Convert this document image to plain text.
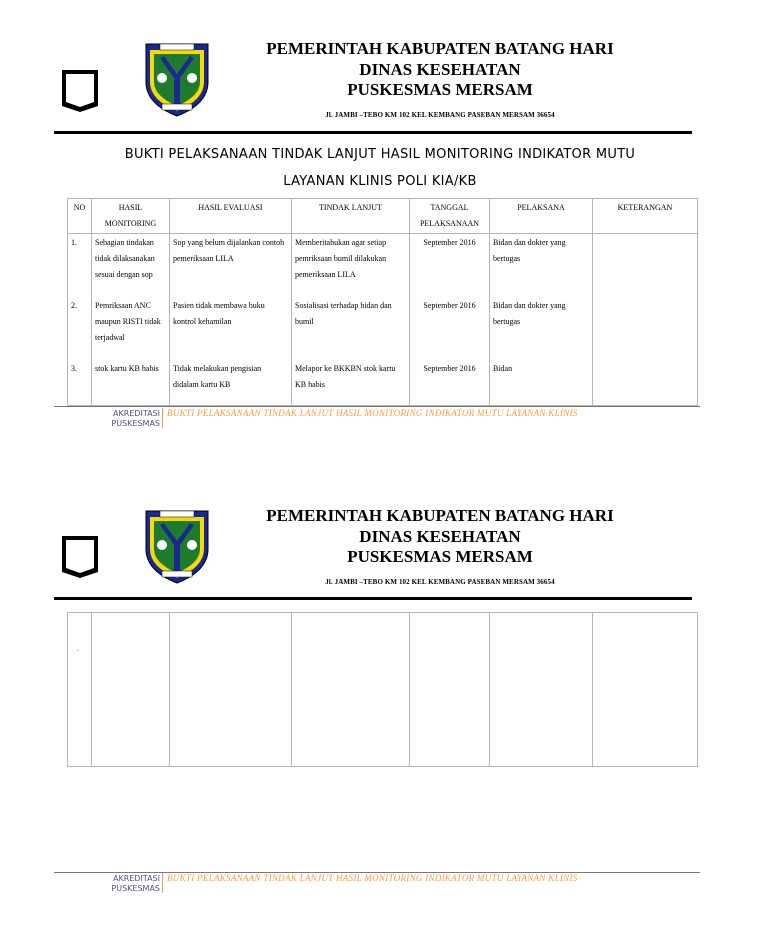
PEMERINTAH KABUPATEN BATANG HARI
DINAS KESEHATAN
PUSKESMAS MERSAM
Jl. JAMBI –TEBO KM 102 KEL KEMBANG PASEBAN MERSAM 36654
BUKTI PELAKSANAAN TINDAK LANJUT HASIL MONITORING INDIKATOR MUTU
LAYANAN KLINIS POLI KIA/KB
NO	HASIL MONITORING	HASIL EVALUASI	TINDAK LANJUT	TANGGAL PELAKSANAAN	PELAKSANA	KETERANGAN
1.	Sebagian tindakan tidak dilaksanakan sesuai dengan sop	Sop yang belum dijalankan contoh pemeriksaan LILA	Memberitahukan agar setiap pemriksaan bumil dilakukan pemeriksaan LILA	September 2016	Bidan dan dokter yang bertugas	
2.	Pemriksaan ANC maupun RISTI tidak terjadwal	Pasien tidak membawa buku kontrol kehamilan	Sosialisasi terhadap bidan dan bumil	September 2016	Bidan dan dokter yang bertugas	
3.	stok kartu KB habis	Tidak melakukan pengisian didalam kartu KB	Melapor ke BKKBN stok kartu KB habis	September 2016	Bidan	
AKREDITASI
PUSKESMAS
BUKTI PELAKSANAAN TINDAK LANJUT HASIL MONITORING INDIKATOR MUTU LAYANAN KLINIS
PEMERINTAH KABUPATEN BATANG HARI
DINAS KESEHATAN
PUSKESMAS MERSAM
Jl. JAMBI –TEBO KM 102 KEL KEMBANG PASEBAN MERSAM 36654

.
AKREDITASI
PUSKESMAS
BUKTI PELAKSANAAN TINDAK LANJUT HASIL MONITORING INDIKATOR MUTU LAYANAN KLINIS
